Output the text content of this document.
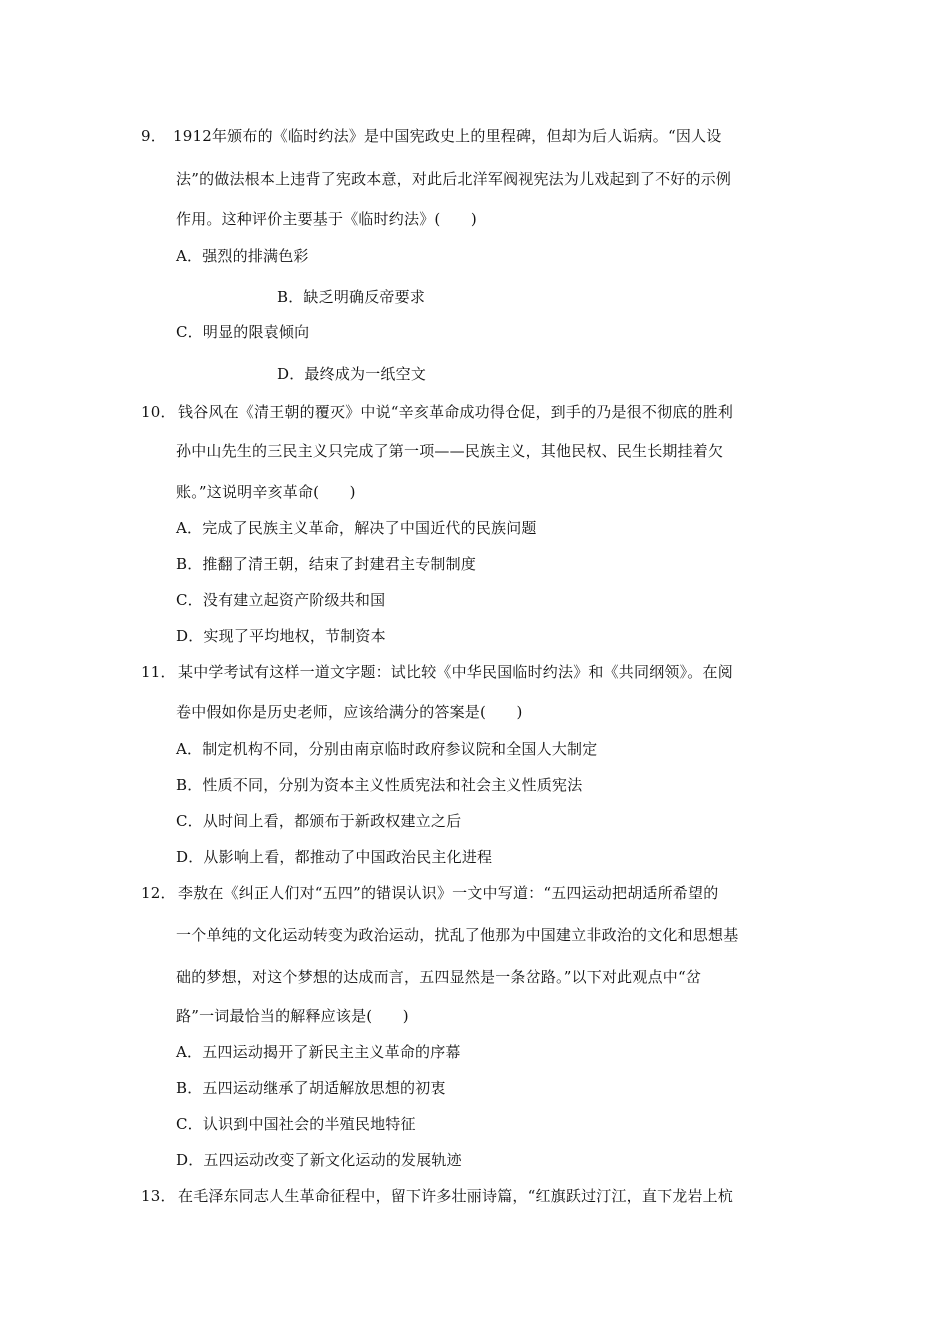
9． 1912年颁布的《临时约法》是中国宪政史上的里程碑，但却为后人诟病。“因人设
法”的做法根本上违背了宪政本意，对此后北洋军阀视宪法为儿戏起到了不好的示例
作用。这种评价主要基于《临时约法》(　　)
A．强烈的排满色彩
B．缺乏明确反帝要求
C．明显的限袁倾向
D．最终成为一纸空文
10． 钱谷风在《清王朝的覆灭》中说“辛亥革命成功得仓促，到手的乃是很不彻底的胜利
孙中山先生的三民主义只完成了第一项——民族主义，其他民权、民生长期挂着欠
账。”这说明辛亥革命(　　)
A．完成了民族主义革命，解决了中国近代的民族问题
B．推翻了清王朝，结束了封建君主专制制度
C．没有建立起资产阶级共和国
D．实现了平均地权，节制资本
11． 某中学考试有这样一道文字题：试比较《中华民国临时约法》和《共同纲领》。在阅
卷中假如你是历史老师，应该给满分的答案是(　　)
A．制定机构不同，分别由南京临时政府参议院和全国人大制定
B．性质不同，分别为资本主义性质宪法和社会主义性质宪法
C．从时间上看，都颁布于新政权建立之后
D．从影响上看，都推动了中国政治民主化进程
12． 李敖在《纠正人们对“五四”的错误认识》一文中写道：“五四运动把胡适所希望的
一个单纯的文化运动转变为政治运动，扰乱了他那为中国建立非政治的文化和思想基
础的梦想，对这个梦想的达成而言，五四显然是一条岔路。”以下对此观点中“岔
路”一词最恰当的解释应该是(　　)
A．五四运动揭开了新民主主义革命的序幕
B．五四运动继承了胡适解放思想的初衷
C．认识到中国社会的半殖民地特征
D．五四运动改变了新文化运动的发展轨迹
13． 在毛泽东同志人生革命征程中，留下许多壮丽诗篇，“红旗跃过汀江，直下龙岩上杭
